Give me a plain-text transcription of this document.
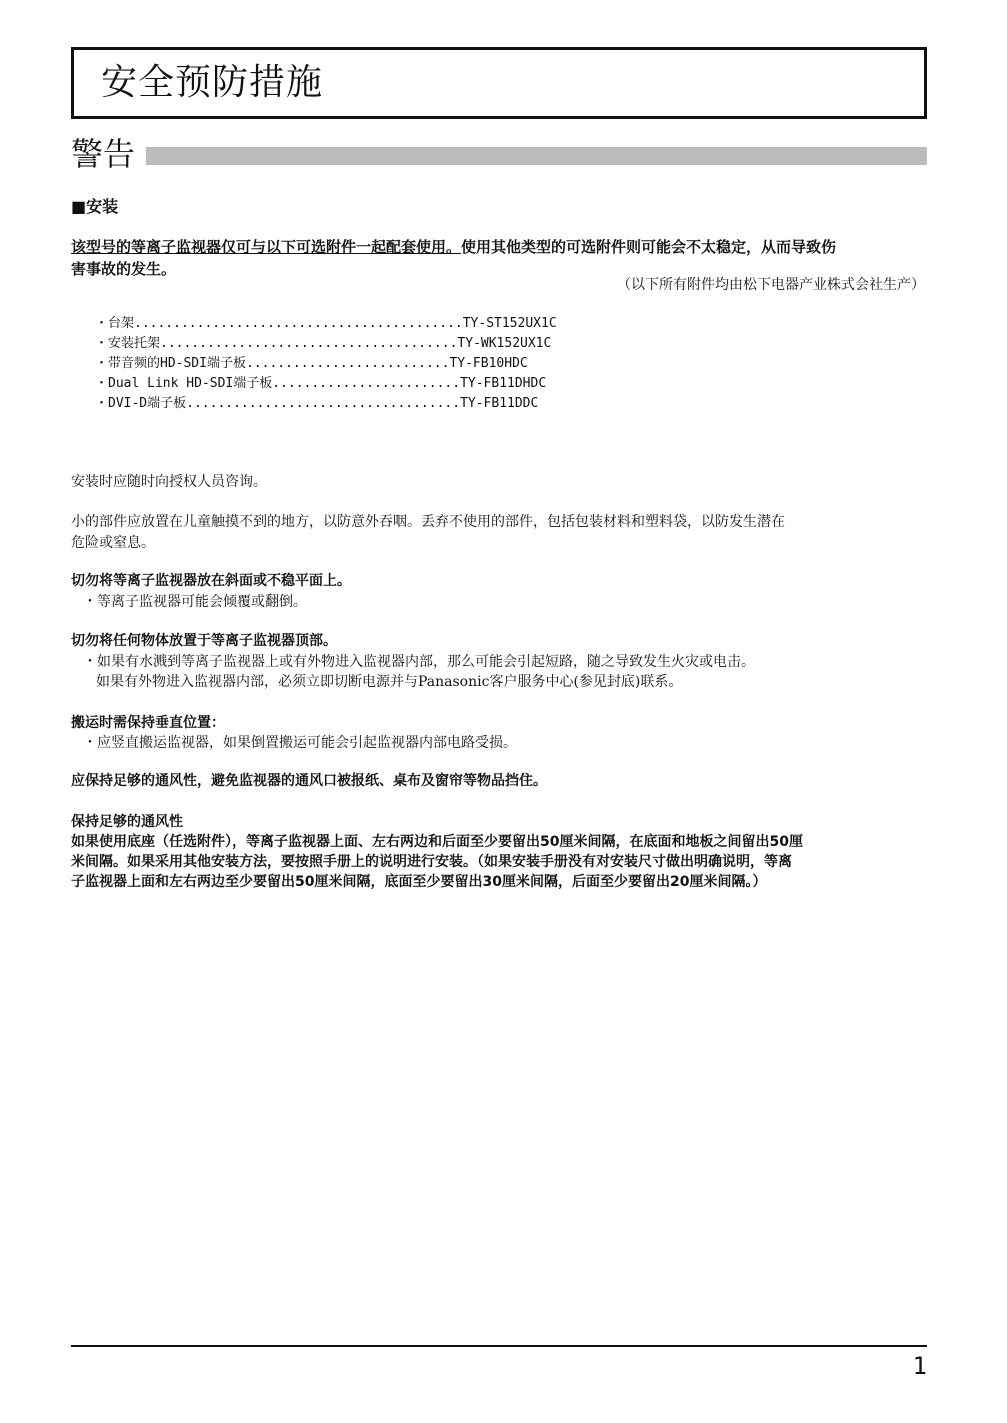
安全预防措施
警告
■安装
该型号的等离子监视器仅可与以下可选附件一起配套使用。使用其他类型的可选附件则可能会不太稳定，从而导致伤
害事故的发生。
（以下所有附件均由松下电器产业株式会社生产）
・台架..........................................TY-ST152UX1C
・安装托架......................................TY-WK152UX1C
・带音频的HD-SDI端子板..........................TY-FB10HDC
・Dual Link HD-SDI端子板........................TY-FB11DHDC
・DVI-D端子板...................................TY-FB11DDC
安装时应随时向授权人员咨询。
小的部件应放置在儿童触摸不到的地方，以防意外吞咽。丢弃不使用的部件，包括包装材料和塑料袋，以防发生潜在
危险或窒息。
切勿将等离子监视器放在斜面或不稳平面上。
・等离子监视器可能会倾覆或翻倒。
切勿将任何物体放置于等离子监视器顶部。
・如果有水溅到等离子监视器上或有外物进入监视器内部，那么可能会引起短路，随之导致发生火灾或电击。
如果有外物进入监视器内部，必须立即切断电源并与Panasonic客户服务中心(参见封底)联系。
搬运时需保持垂直位置：
・应竖直搬运监视器，如果倒置搬运可能会引起监视器内部电路受损。
应保持足够的通风性，避免监视器的通风口被报纸、桌布及窗帘等物品挡住。
保持足够的通风性
如果使用底座（任选附件），等离子监视器上面、左右两边和后面至少要留出50厘米间隔，在底面和地板之间留出50厘
米间隔。如果采用其他安装方法，要按照手册上的说明进行安装。（如果安装手册没有对安装尺寸做出明确说明，等离
子监视器上面和左右两边至少要留出50厘米间隔，底面至少要留出30厘米间隔，后面至少要留出20厘米间隔。）
1
